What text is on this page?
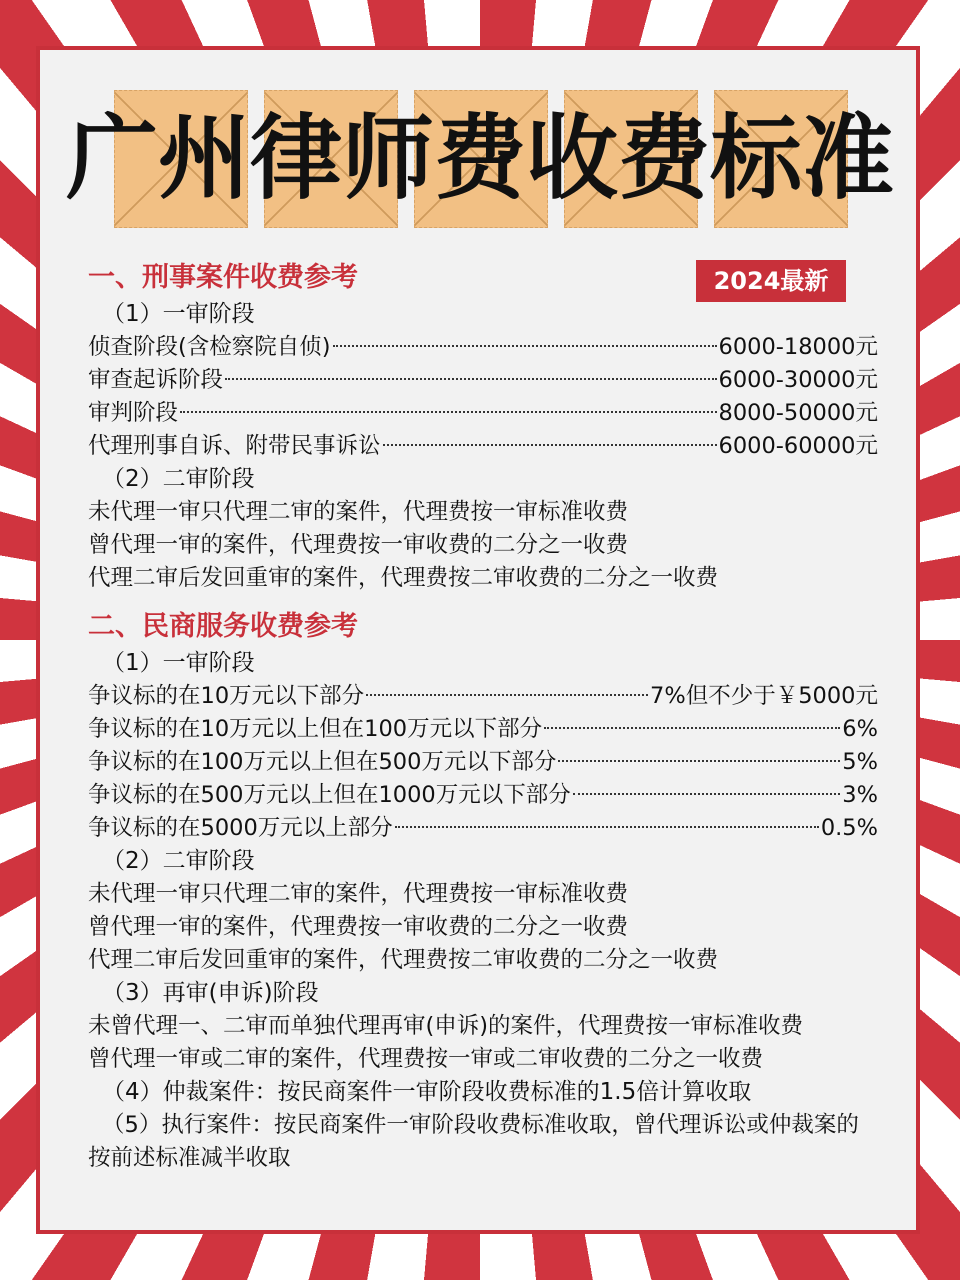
广州律师费收费标准
2024最新
一、刑事案件收费参考
（1）一审阶段
侦查阶段(含检察院自侦)	6000-18000元
审查起诉阶段	6000-30000元
审判阶段	8000-50000元
代理刑事自诉、附带民事诉讼	6000-60000元
（2）二审阶段
未代理一审只代理二审的案件，代理费按一审标准收费
曾代理一审的案件，代理费按一审收费的二分之一收费
代理二审后发回重审的案件，代理费按二审收费的二分之一收费
二、民商服务收费参考
（1）一审阶段
争议标的在10万元以下部分	7%但不少于￥5000元
争议标的在10万元以上但在100万元以下部分	6%
争议标的在100万元以上但在500万元以下部分	5%
争议标的在500万元以上但在1000万元以下部分	3%
争议标的在5000万元以上部分	0.5%
（2）二审阶段
未代理一审只代理二审的案件，代理费按一审标准收费
曾代理一审的案件，代理费按一审收费的二分之一收费
代理二审后发回重审的案件，代理费按二审收费的二分之一收费
（3）再审(申诉)阶段
未曾代理一、二审而单独代理再审(申诉)的案件，代理费按一审标准收费
曾代理一审或二审的案件，代理费按一审或二审收费的二分之一收费
（4）仲裁案件：按民商案件一审阶段收费标准的1.5倍计算收取
（5）执行案件：按民商案件一审阶段收费标准收取，曾代理诉讼或仲裁案的按前述标准减半收取
